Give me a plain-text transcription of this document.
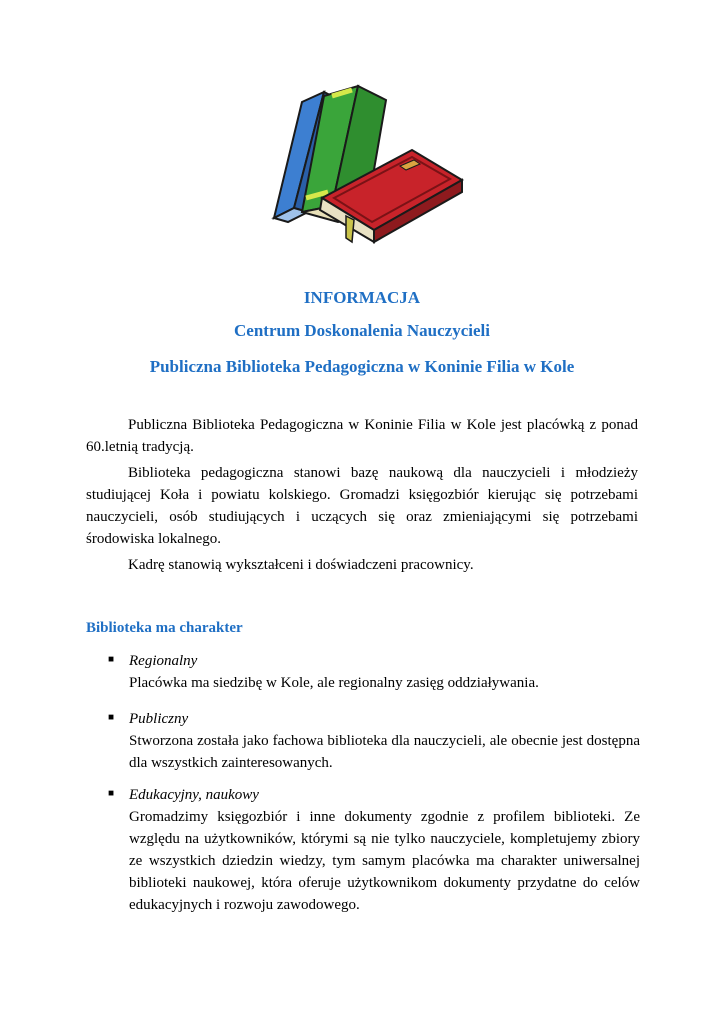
INFORMACJA
Centrum Doskonalenia Nauczycieli
Publiczna Biblioteka Pedagogiczna w Koninie Filia w Kole

Publiczna Biblioteka Pedagogiczna w Koninie Filia w Kole jest placówką z ponad 60.letnią tradycją.

Biblioteka pedagogiczna stanowi bazę naukową dla nauczycieli i młodzieży studiującej Koła i powiatu kolskiego. Gromadzi księgozbiór kierując się potrzebami nauczycieli, osób studiujących i uczących się oraz zmieniającymi się potrzebami środowiska lokalnego.

Kadrę stanowią wykształceni i doświadczeni pracownicy.

Biblioteka ma charakter
■ Regionalny
Placówka ma siedzibę w Kole, ale regionalny zasięg oddziaływania.
■ Publiczny
Stworzona została jako fachowa biblioteka dla nauczycieli, ale obecnie jest dostępna dla wszystkich zainteresowanych.
■ Edukacyjny, naukowy
Gromadzimy księgozbiór i inne dokumenty zgodnie z profilem biblioteki. Ze względu na użytkowników, którymi są nie tylko nauczyciele, kompletujemy zbiory ze wszystkich dziedzin wiedzy, tym samym placówka ma charakter uniwersalnej biblioteki naukowej, która oferuje użytkownikom dokumenty przydatne do celów edukacyjnych i rozwoju zawodowego.
